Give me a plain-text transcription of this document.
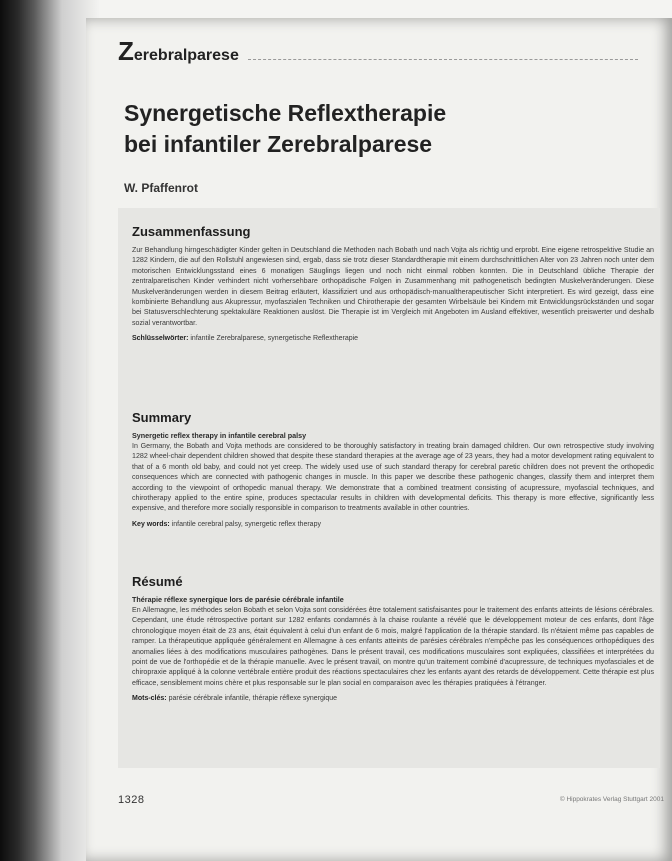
Zerebralparese
Synergetische Reflextherapie
bei infantiler Zerebralparese
W. Pfaffenrot
Zusammenfassung

Zur Behandlung hirngeschädigter Kinder gelten in Deutschland die Methoden nach Bobath und nach Vojta als richtig und erprobt. Eine eigene retrospektive Studie an 1282 Kindern, die auf den Rollstuhl angewiesen sind, ergab, dass sie trotz dieser Standardtherapie mit einem durchschnittlichen Alter von 23 Jahren noch unter dem motorischen Entwicklungsstand eines 6 monatigen Säuglings liegen und noch nicht einmal robben konnten. Die in Deutschland übliche Therapie der zentralparetischen Kinder verhindert nicht vorhersehbare orthopädische Folgen in Zusammenhang mit pathogenetisch bedingten Muskelveränderungen. Diese Muskelveränderungen werden in diesem Beitrag erläutert, klassifiziert und aus orthopädisch-manualtherapeutischer Sicht interpretiert. Es wird gezeigt, dass eine kombinierte Behandlung aus Akupressur, myofaszialen Techniken und Chirotherapie der gesamten Wirbelsäule bei Kindern mit Entwicklungsrückständen und sogar bei Statusverschlechterung spektakuläre Reaktionen auslöst. Die Therapie ist im Vergleich mit Angeboten im Ausland effektiver, wesentlich preiswerter und deshalb sozial verantwortbar.

Schlüsselwörter: infantile Zerebralparese, synergetische Reflextherapie
Summary
Synergetic reflex therapy in infantile cerebral palsy

In Germany, the Bobath and Vojta methods are considered to be thoroughly satisfactory in treating brain damaged children. Our own retrospective study involving 1282 wheel-chair dependent children showed that despite these standard therapies at the average age of 23 years, they had a motor development rating equivalent to that of a 6 month old baby, and could not yet creep. The widely used use of such standard therapy for cerebral paretic children does not prevent the orthopedic consequences which are connected with pathogenic changes in muscle. In this paper we describe these pathogenic changes, classify them and interpret them according to the viewpoint of orthopedic manual therapy. We demonstrate that a combined treatment consisting of acupressure, myofascial techniques, and chirotherapy applied to the entire spine, produces spectacular results in children with developmental deficits. This therapy is more effective, significantly less expensive, and therefore more socially responsible in comparison to treatments available in other countries.

Key words: infantile cerebral palsy, synergetic reflex therapy
Résumé
Thérapie réflexe synergique lors de parésie cérébrale infantile

En Allemagne, les méthodes selon Bobath et selon Vojta sont considérées être totalement satisfaisantes pour le traitement des enfants atteints de lésions cérébrales. Cependant, une étude rétrospective portant sur 1282 enfants condamnés à la chaise roulante a révélé que le développement moteur de ces enfants, dont l'âge chronologique moyen était de 23 ans, était équivalent à celui d'un enfant de 6 mois, malgré l'application de la thérapie standard. Ils n'étaient même pas capables de ramper. La thérapeutique appliquée généralement en Allemagne à ces enfants atteints de parésies cérébrales n'empêche pas les conséquences orthopédiques des anomalies liées à des modifications musculaires pathogènes. Dans le présent travail, ces modifications musculaires sont expliquées, classifiées et interprétées du point de vue de l'orthopédie et de la thérapie manuelle. Avec le présent travail, on montre qu'un traitement combiné d'acupressure, de techniques myofasciales et de chiropraxie appliqué à la colonne vertébrale entière produit des réactions spectaculaires chez les enfants ayant des retards de développement. Cette thérapie est plus efficace, sensiblement moins chère et plus responsable sur le plan social en comparaison avec les thérapies pratiquées à l'étranger.

Mots-clés: parésie cérébrale infantile, thérapie réflexe synergique
1328	© Hippokrates Verlag Stuttgart 2001
